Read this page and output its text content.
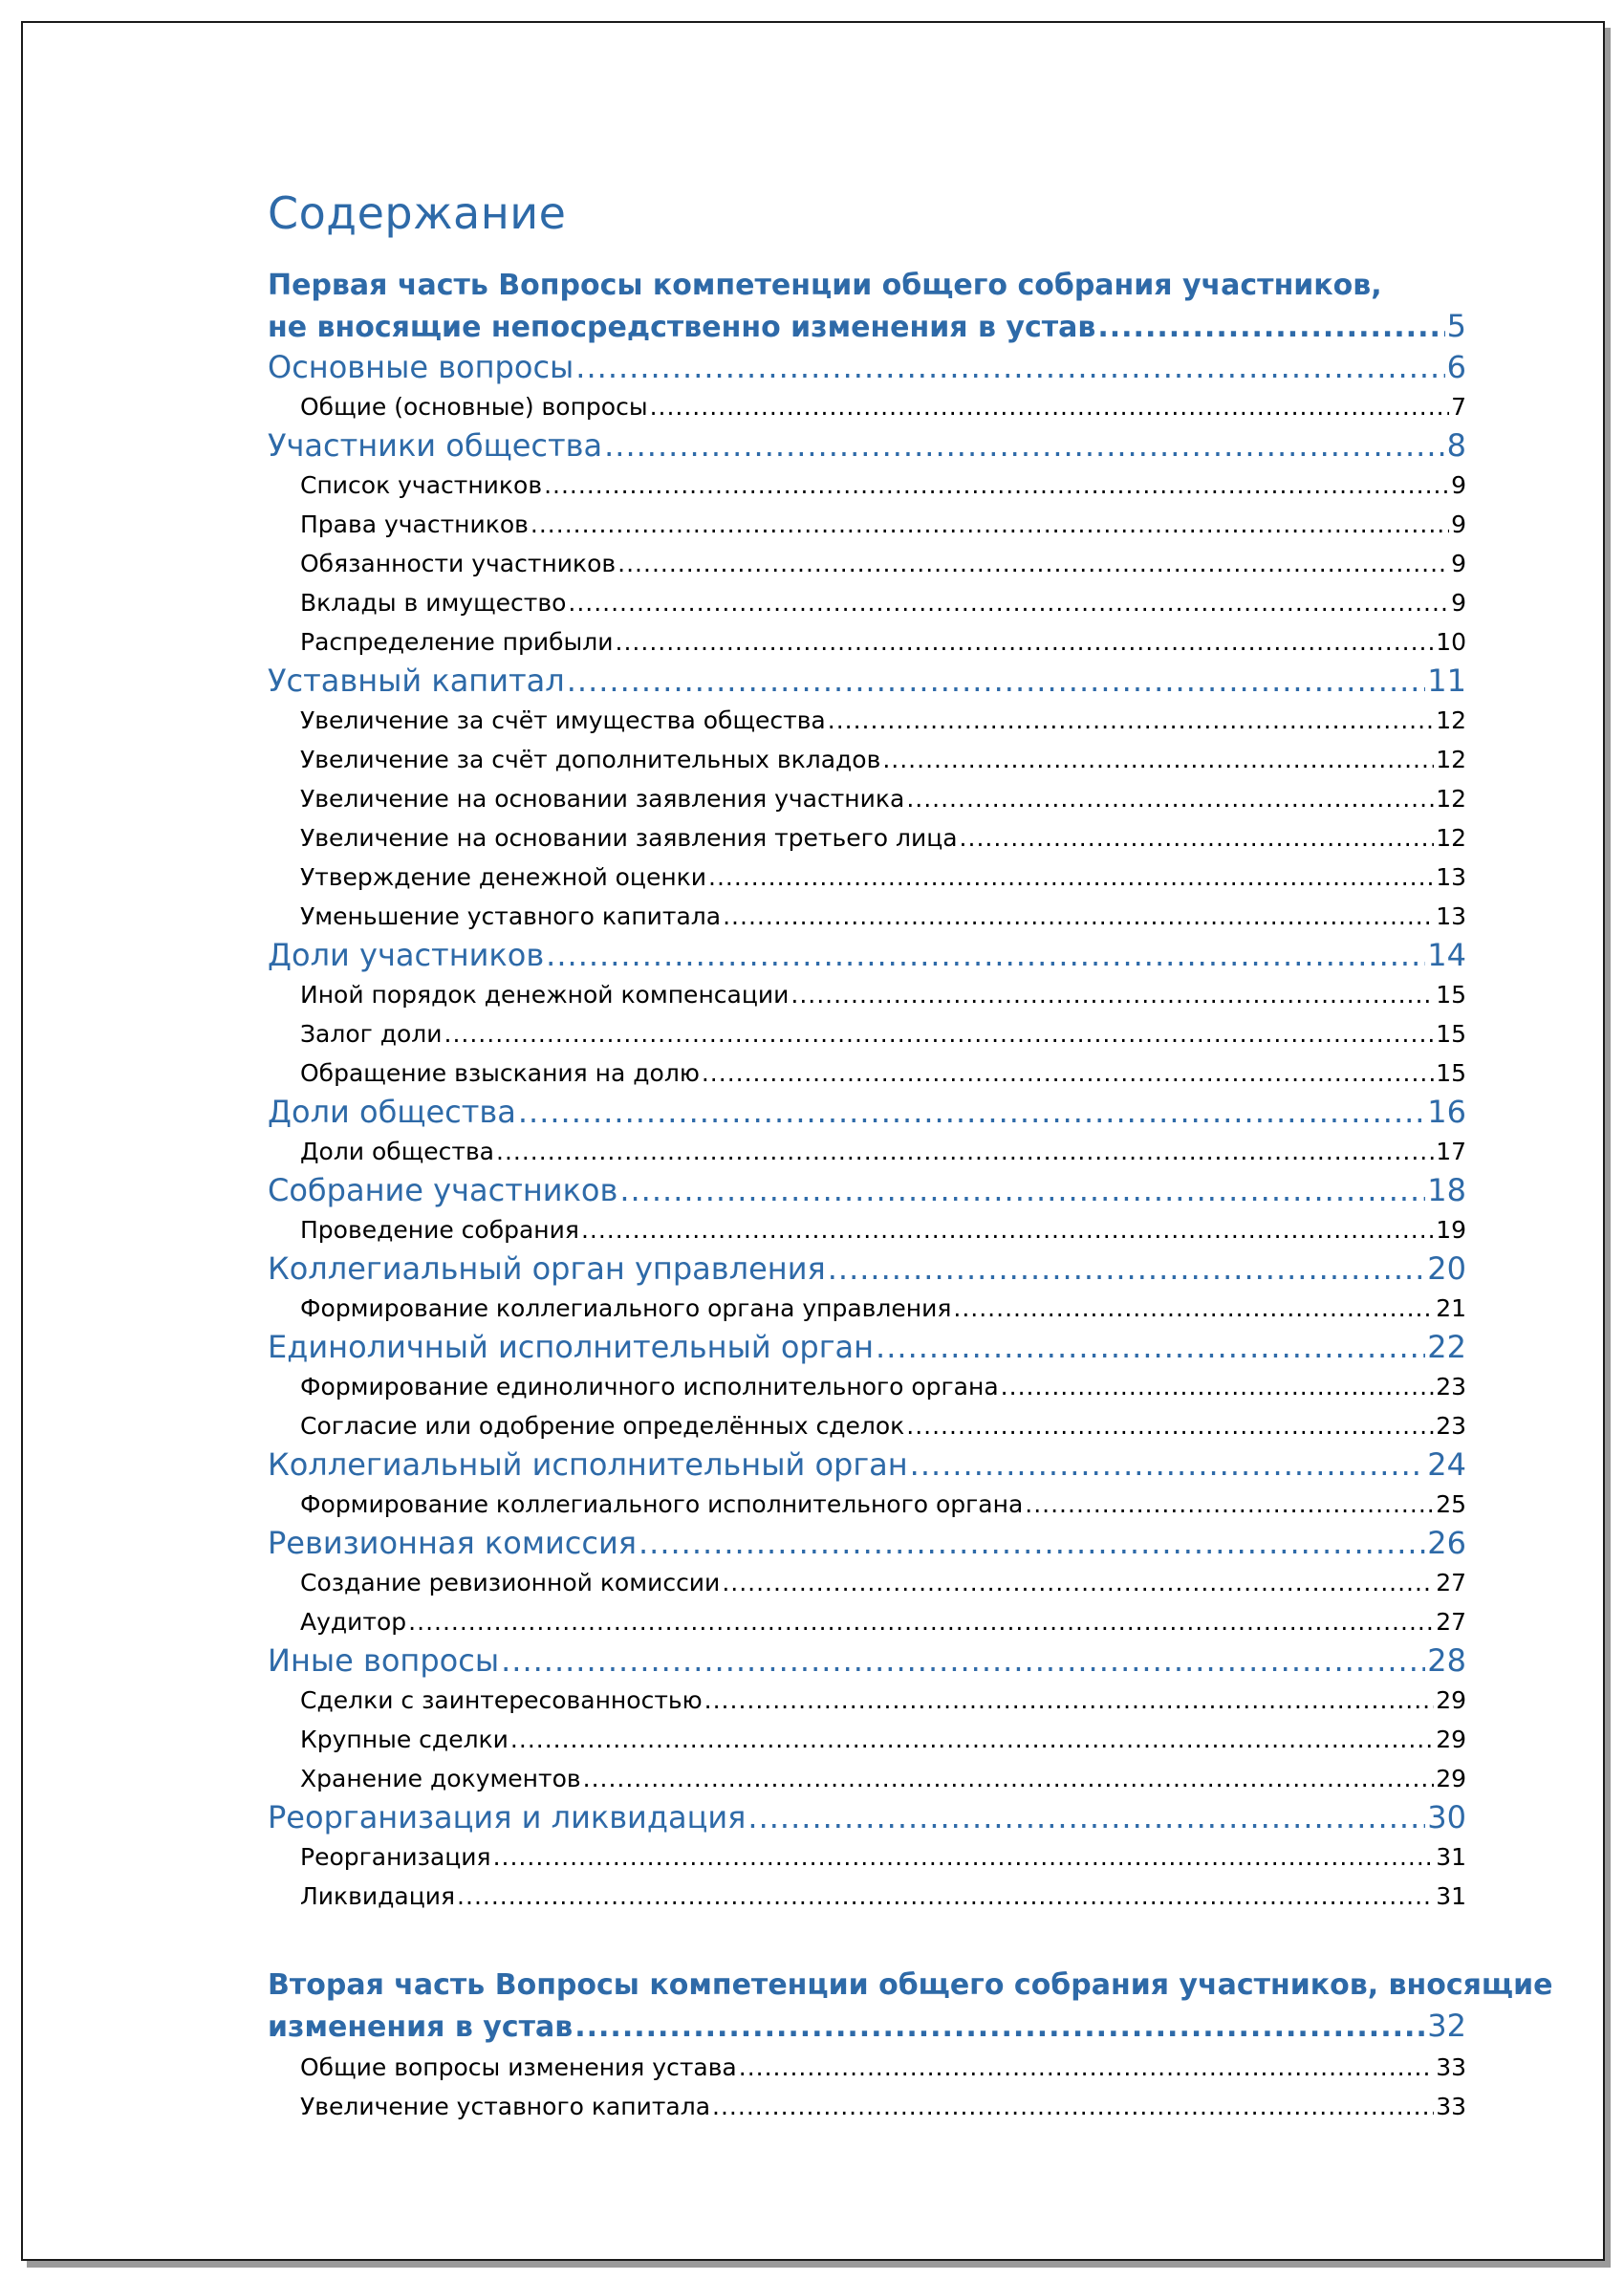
Содержание
Первая часть Вопросы компетенции общего собрания участников,
не вносящие непосредственно изменения в устав .....	5
Основные вопросы .....	6
Общие (основные) вопросы .....	7
Участники общества .....	8
Список участников .....	9
Права участников .....	9
Обязанности участников .....	9
Вклады в имущество .....	9
Распределение прибыли .....	10
Уставный капитал .....	11
Увеличение за счёт имущества общества .....	12
Увеличение за счёт дополнительных вкладов .....	12
Увеличение на основании заявления участника .....	12
Увеличение на основании заявления третьего лица .....	12
Утверждение денежной оценки .....	13
Уменьшение уставного капитала .....	13
Доли участников .....	14
Иной порядок денежной компенсации .....	15
Залог доли .....	15
Обращение взыскания на долю .....	15
Доли общества .....	16
Доли общества .....	17
Собрание участников .....	18
Проведение собрания .....	19
Коллегиальный орган управления .....	20
Формирование коллегиального органа управления .....	21
Единоличный исполнительный орган .....	22
Формирование единоличного исполнительного органа .....	23
Согласие или одобрение определённых сделок .....	23
Коллегиальный исполнительный орган .....	24
Формирование коллегиального исполнительного органа .....	25
Ревизионная комиссия .....	26
Создание ревизионной комиссии .....	27
Аудитор .....	27
Иные вопросы .....	28
Сделки с заинтересованностью .....	29
Крупные сделки .....	29
Хранение документов .....	29
Реорганизация и ликвидация .....	30
Реорганизация .....	31
Ликвидация .....	31
Вторая часть Вопросы компетенции общего собрания участников, вносящие
изменения в устав .....	32
Общие вопросы изменения устава .....	33
Увеличение уставного капитала .....	33
